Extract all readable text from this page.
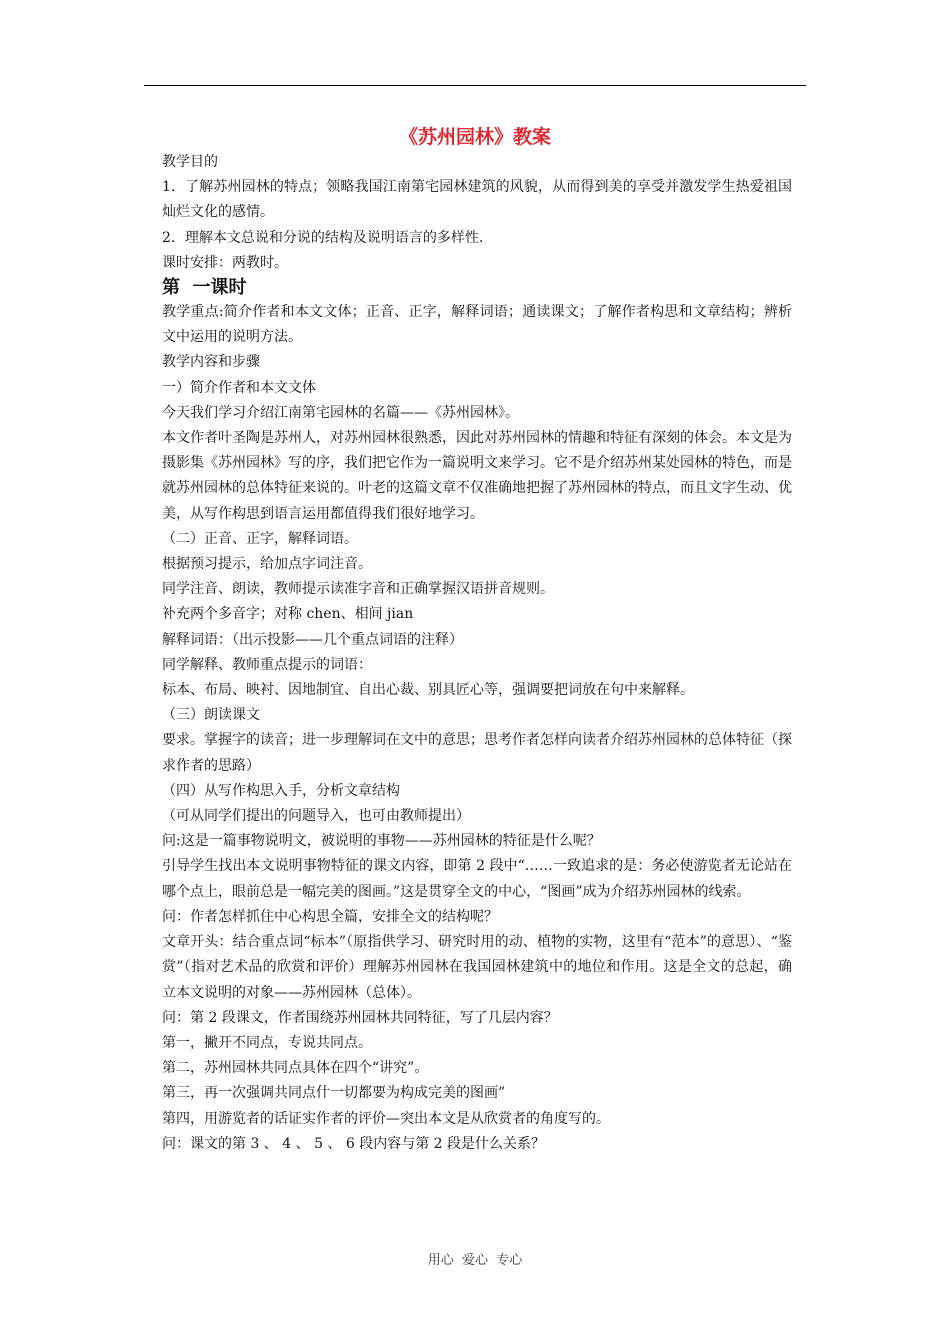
《苏州园林》教案

教学目的

1．了解苏州园林的特点；领略我国江南第宅园林建筑的风貌，从而得到美的享受并激发学生热爱祖国灿烂文化的感情。

2．理解本文总说和分说的结构及说明语言的多样性.

课时安排：两教时。

第  一课时

教学重点:简介作者和本文文体；正音、正字，解释词语；通读课文；了解作者构思和文章结构；辨析文中运用的说明方法。

教学内容和步骤

一）简介作者和本文文体

今天我们学习介绍江南第宅园林的名篇——《苏州园林》。

本文作者叶圣陶是苏州人，对苏州园林很熟悉，因此对苏州园林的情趣和特征有深刻的体会。本文是为摄影集《苏州园林》写的序，我们把它作为一篇说明文来学习。它不是介绍苏州某处园林的特色，而是就苏州园林的总体特征来说的。叶老的这篇文章不仅准确地把握了苏州园林的特点，而且文字生动、优美，从写作构思到语言运用都值得我们很好地学习。

（二）正音、正字，解释词语。

根据预习提示，给加点字词注音。

同学注音、朗读，教师提示读准字音和正确掌握汉语拼音规则。

补充两个多音字；对称 chen、相间 jian

解释词语：（出示投影——几个重点词语的注释）

同学解释、教师重点提示的词语：

标本、布局、映衬、因地制宜、自出心裁、别具匠心等，强调要把词放在句中来解释。

（三）朗读课文

要求。掌握字的读音；进一步理解词在文中的意思；思考作者怎样向读者介绍苏州园林的总体特征（探求作者的思路）

（四）从写作构思入手，分析文章结构

（可从同学们提出的问题导入，也可由教师提出）

问:这是一篇事物说明文，被说明的事物——苏州园林的特征是什么呢？

引导学生找出本文说明事物特征的课文内容，即第 2 段中“……一致追求的是：务必使游览者无论站在哪个点上，眼前总是一幅完美的图画。”这是贯穿全文的中心，“图画”成为介绍苏州园林的线索。

问：作者怎样抓住中心构思全篇，安排全文的结构呢？

文章开头：结合重点词“标本”（原指供学习、研究时用的动、植物的实物，这里有“范本”的意思）、“鉴赏”（指对艺术品的欣赏和评价）理解苏州园林在我国园林建筑中的地位和作用。这是全文的总起，确立本文说明的对象——苏州园林（总体）。

问：第 2 段课文，作者围绕苏州园林共同特征，写了几层内容？

第一，撇开不同点，专说共同点。

第二，苏州园林共同点具体在四个“讲究”。

第三，再一次强调共同点什一切都要为构成完美的图画”

第四，用游览者的话证实作者的评价—突出本文是从欣赏者的角度写的。

问：课文的第 3 、 4 、 5 、 6 段内容与第 2 段是什么关系？

用心  爱心  专心
